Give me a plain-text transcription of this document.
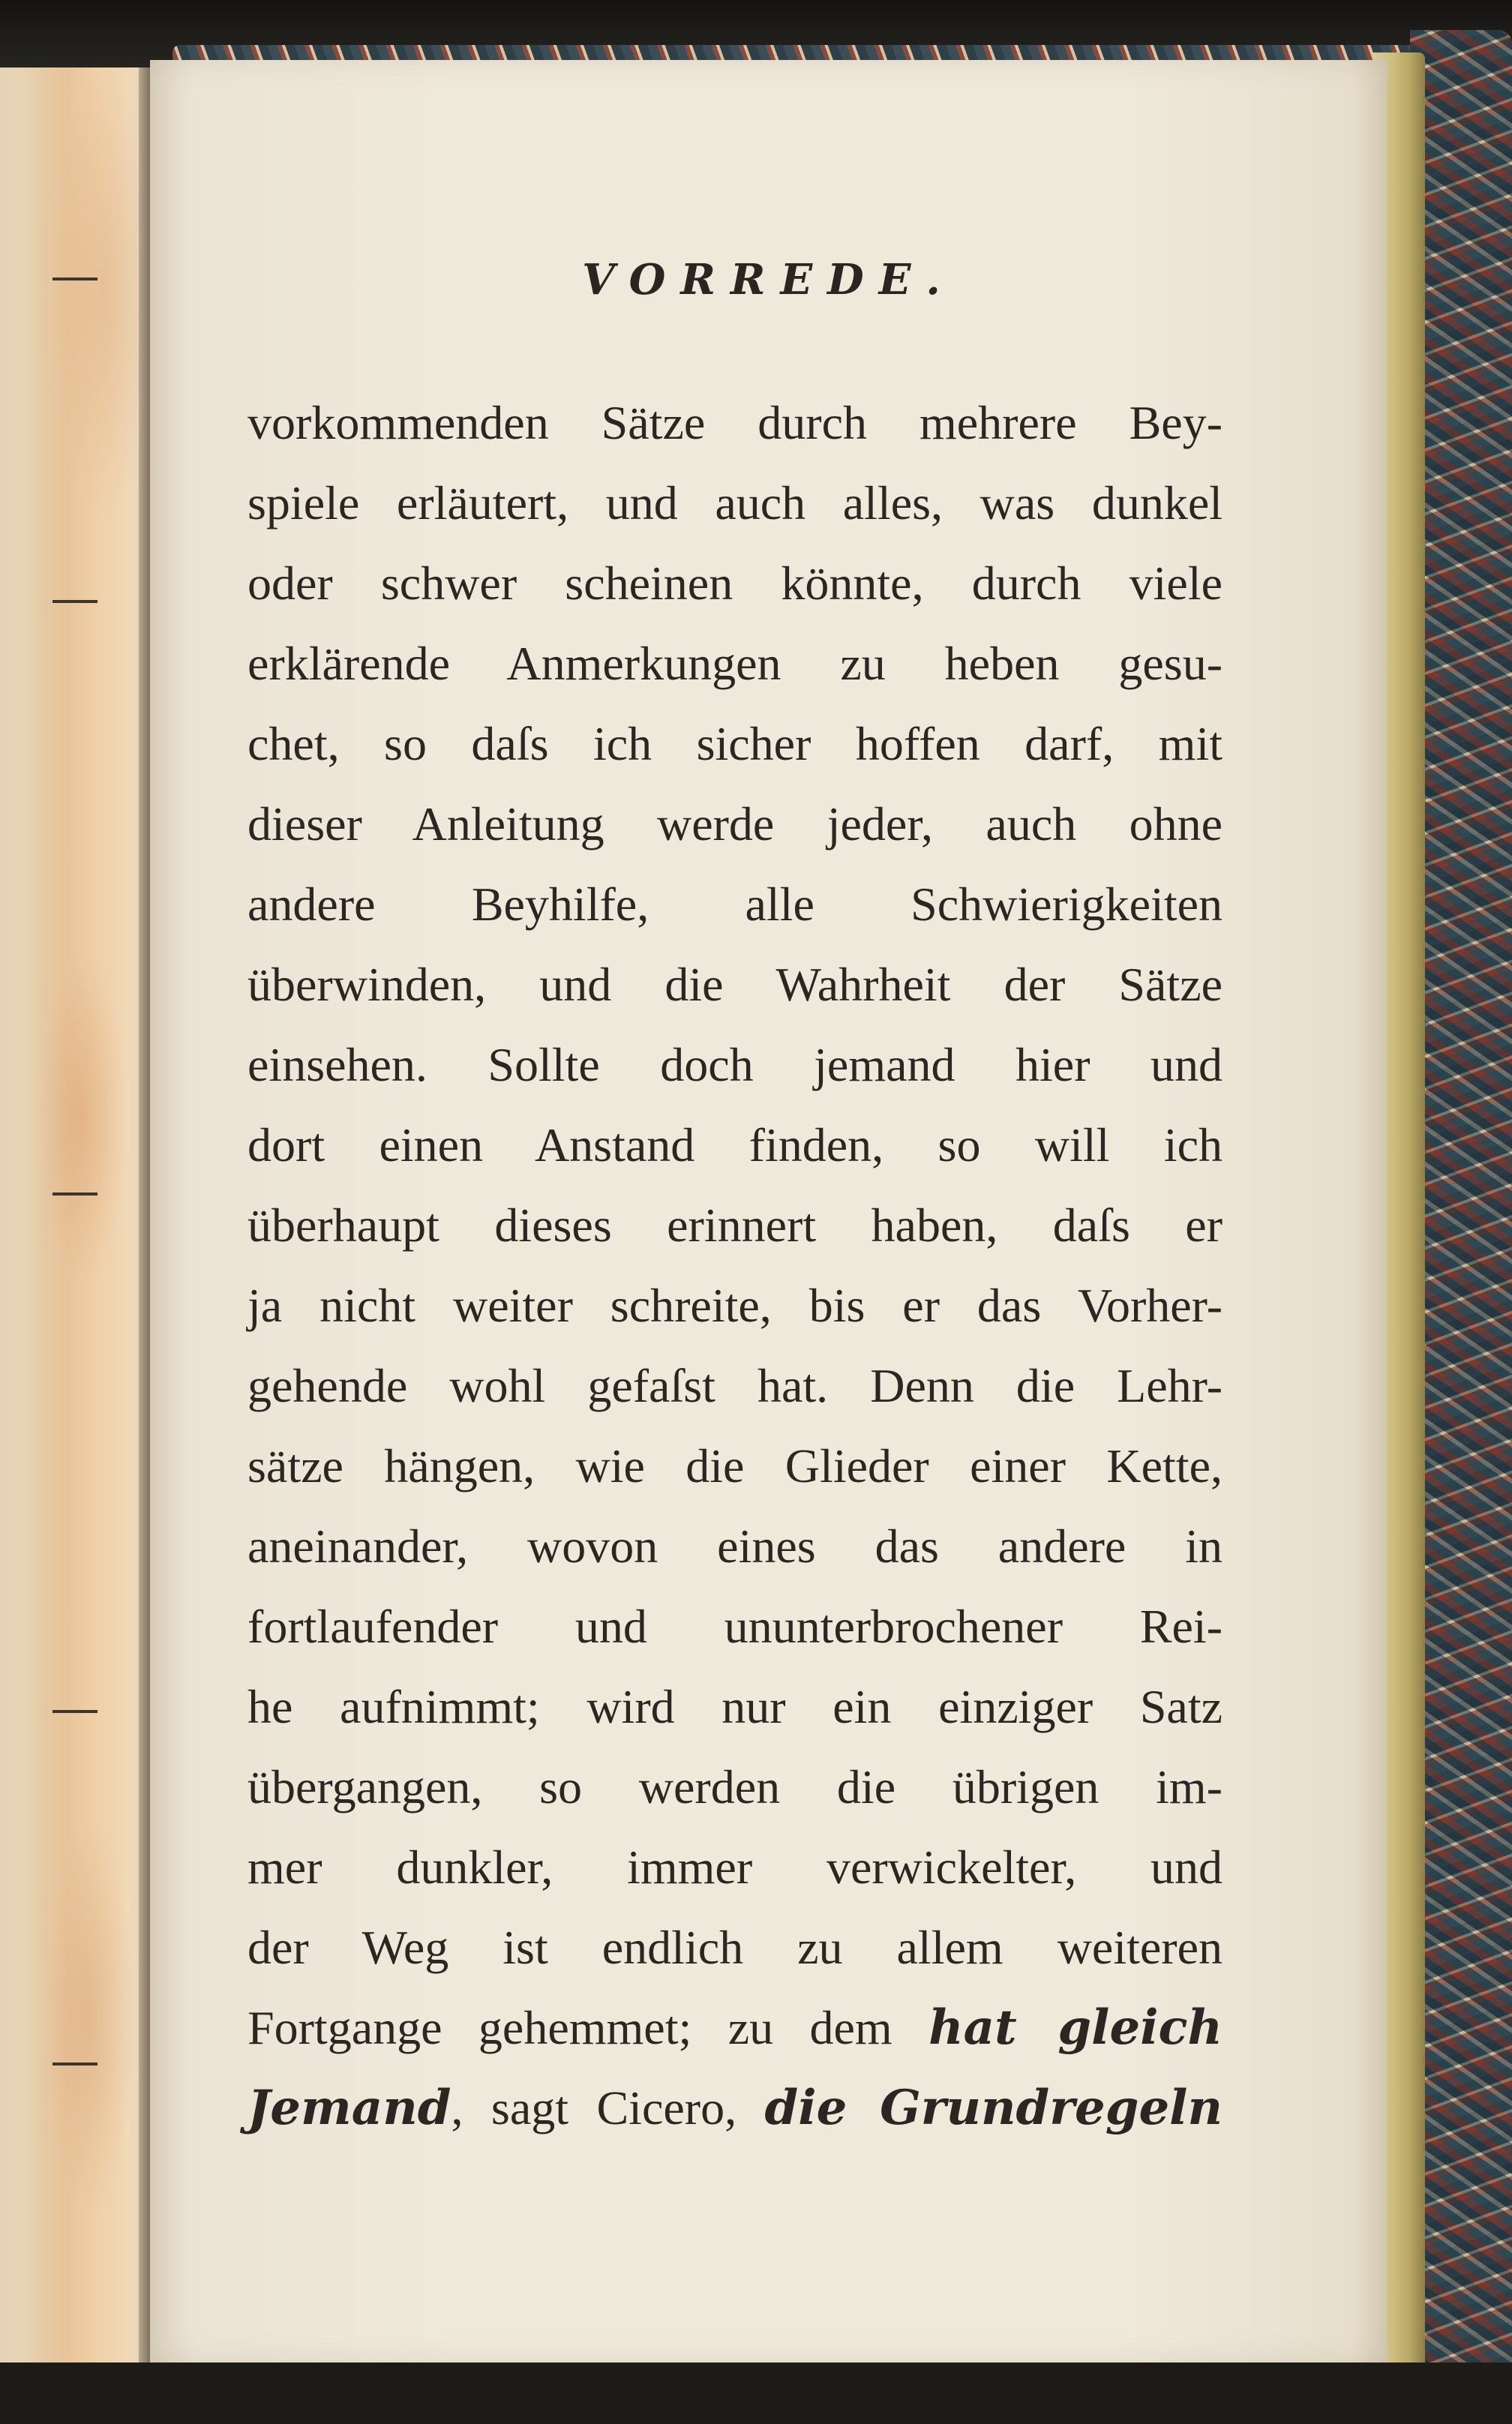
VORREDE.
vorkommenden Sätze durch mehrere Bey-
spiele erläutert, und auch alles, was dunkel
oder schwer scheinen könnte, durch viele
erklärende Anmerkungen zu heben gesu-
chet, so daſs ich sicher hoffen darf, mit
dieser Anleitung werde jeder, auch ohne
andere Beyhilfe, alle Schwierigkeiten
überwinden, und die Wahrheit der Sätze
einsehen. Sollte doch jemand hier und
dort einen Anstand finden, so will ich
überhaupt dieses erinnert haben, daſs er
ja nicht weiter schreite, bis er das Vorher-
gehende wohl gefaſst hat. Denn die Lehr-
sätze hängen, wie die Glieder einer Kette,
aneinander, wovon eines das andere in
fortlaufender und ununterbrochener Rei-
he aufnimmt; wird nur ein einziger Satz
übergangen, so werden die übrigen im-
mer dunkler, immer verwickelter, und
der Weg ist endlich zu allem weiteren
Fortgange gehemmet; zu dem hat gleich
Jemand, sagt Cicero, die Grundregeln
